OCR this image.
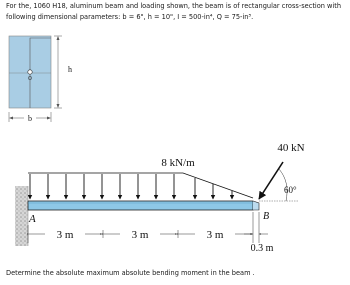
For the, 1060 H18, aluminum beam and loading shown, the beam is of rectangular cross-section with
following dimensional parameters: b = 6", h = 10", I = 500-in⁴, Q = 75-in³.
O
h
b
8 kN/m
40 kN
60°
B
A
3 m	3 m	3 m
0.3 m
Determine the absolute maximum absolute bending moment in the beam .
